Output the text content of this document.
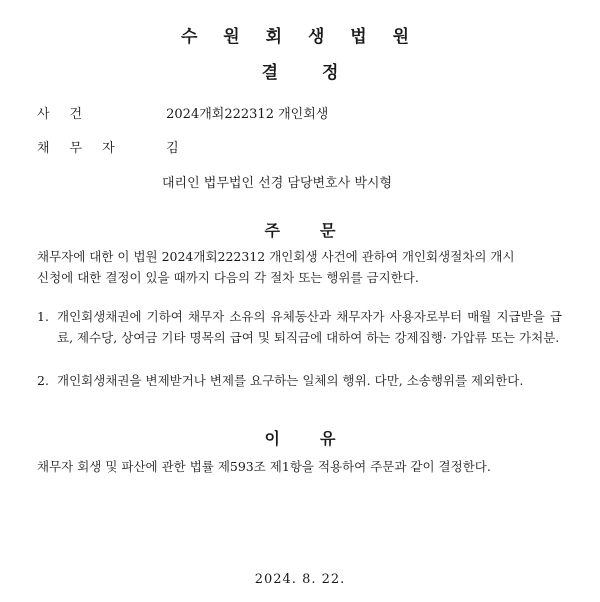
수 원 회 생 법 원
결정
사건	2024개회222312 개인회생
채무자 김
대리인 법무법인 선경 담당변호사 박시형
주문
채무자에 대한 이 법원 2024개회222312 개인회생 사건에 관하여 개인회생절차의 개시
신청에 대한 결정이 있을 때까지 다음의 각 절차 또는 행위를 금지한다.
1. 개인회생채권에 기하여 채무자 소유의 유체동산과 채무자가 사용자로부터 매월 지급받을 급료, 제수당, 상여금 기타 명목의 급여 및 퇴직금에 대하여 하는 강제집행· 가압류 또는 가처분.
2. 개인회생채권을 변제받거나 변제를 요구하는 일체의 행위. 다만, 소송행위를 제외한다.
이유
채무자 회생 및 파산에 관한 법률 제593조 제1항을 적용하여 주문과 같이 결정한다.
2024. 8. 22.
